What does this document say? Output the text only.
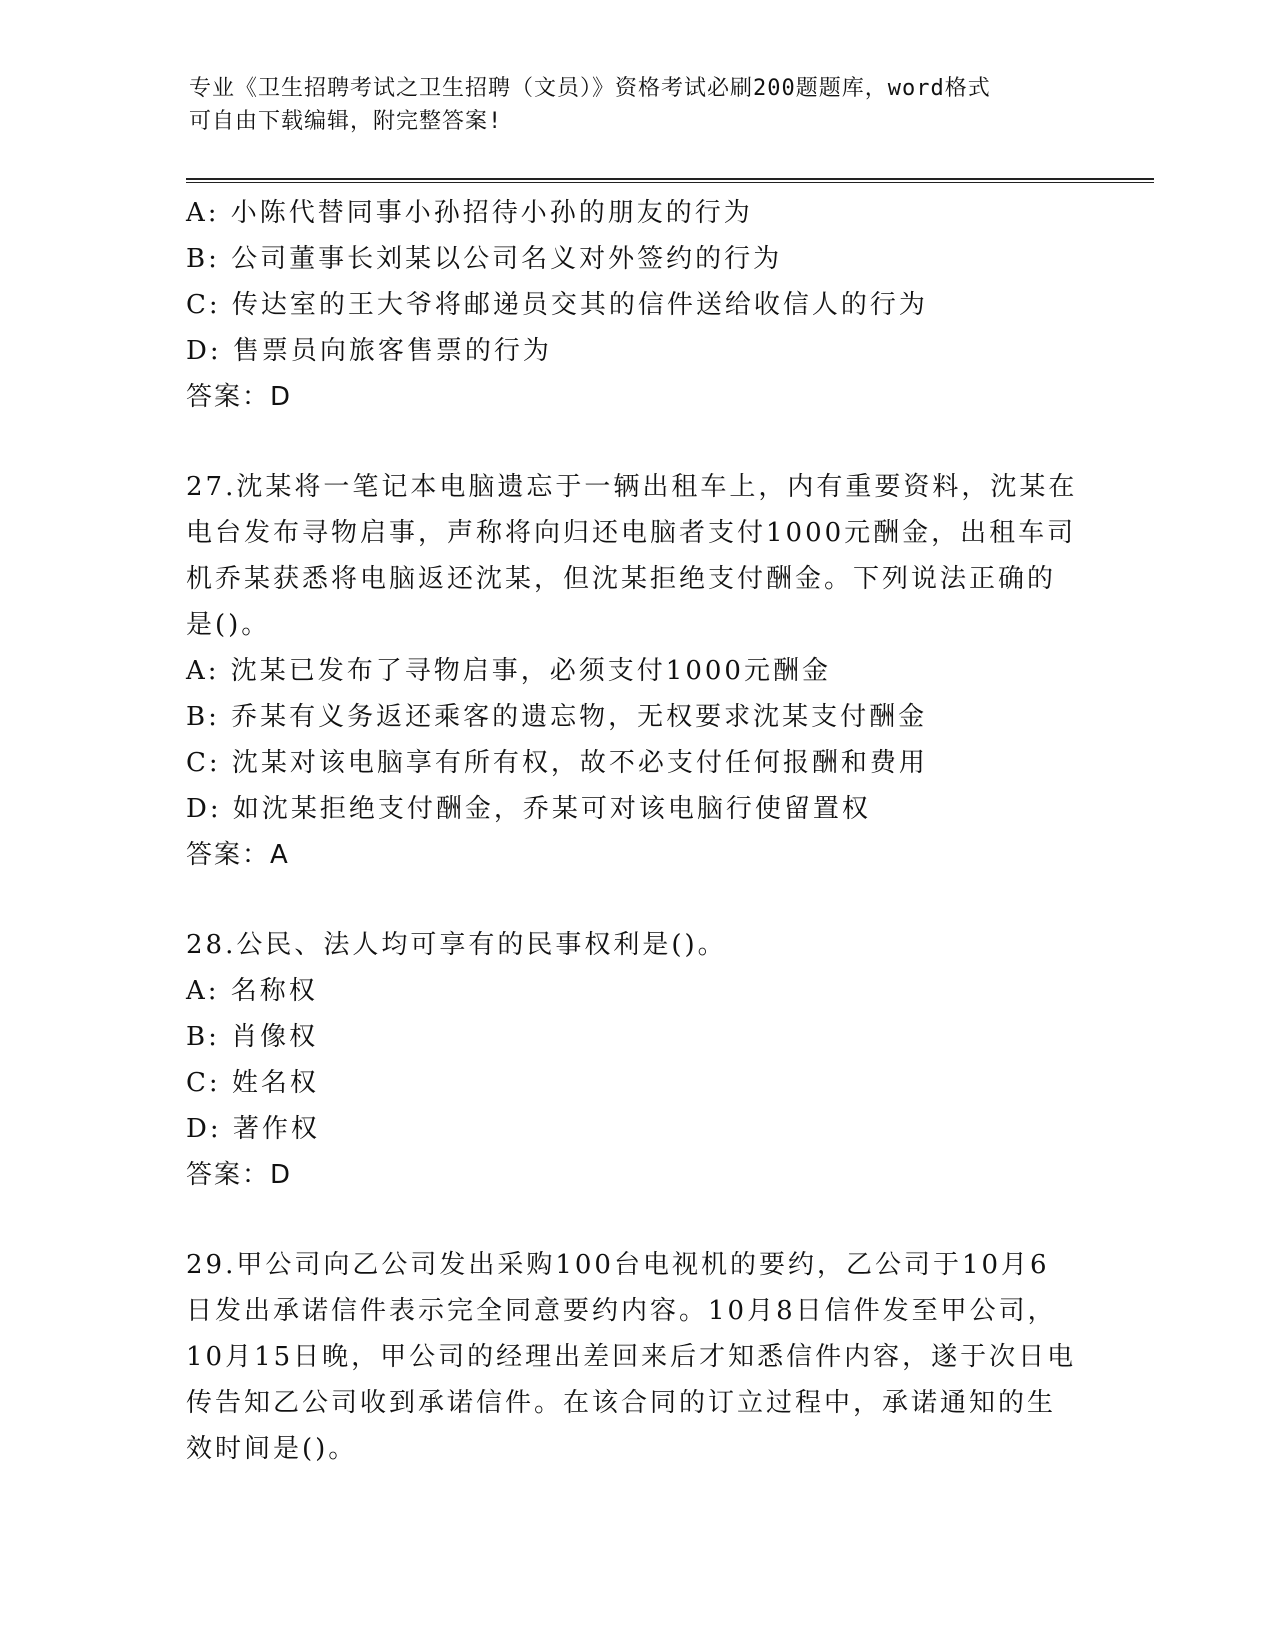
专业《卫生招聘考试之卫生招聘（文员）》资格考试必刷200题题库，word格式
可自由下载编辑，附完整答案!
A: 小陈代替同事小孙招待小孙的朋友的行为
B: 公司董事长刘某以公司名义对外签约的行为
C: 传达室的王大爷将邮递员交其的信件送给收信人的行为
D: 售票员向旅客售票的行为
答案：D
27.沈某将一笔记本电脑遗忘于一辆出租车上，内有重要资料，沈某在
电台发布寻物启事，声称将向归还电脑者支付1000元酬金，出租车司
机乔某获悉将电脑返还沈某，但沈某拒绝支付酬金。下列说法正确的
是()。
A: 沈某已发布了寻物启事，必须支付1000元酬金
B: 乔某有义务返还乘客的遗忘物，无权要求沈某支付酬金
C: 沈某对该电脑享有所有权，故不必支付任何报酬和费用
D: 如沈某拒绝支付酬金，乔某可对该电脑行使留置权
答案：A
28.公民、法人均可享有的民事权利是()。
A: 名称权
B: 肖像权
C: 姓名权
D: 著作权
答案：D
29.甲公司向乙公司发出采购100台电视机的要约，乙公司于10月6
日发出承诺信件表示完全同意要约内容。10月8日信件发至甲公司，
10月15日晚，甲公司的经理出差回来后才知悉信件内容，遂于次日电
传告知乙公司收到承诺信件。在该合同的订立过程中，承诺通知的生
效时间是()。
